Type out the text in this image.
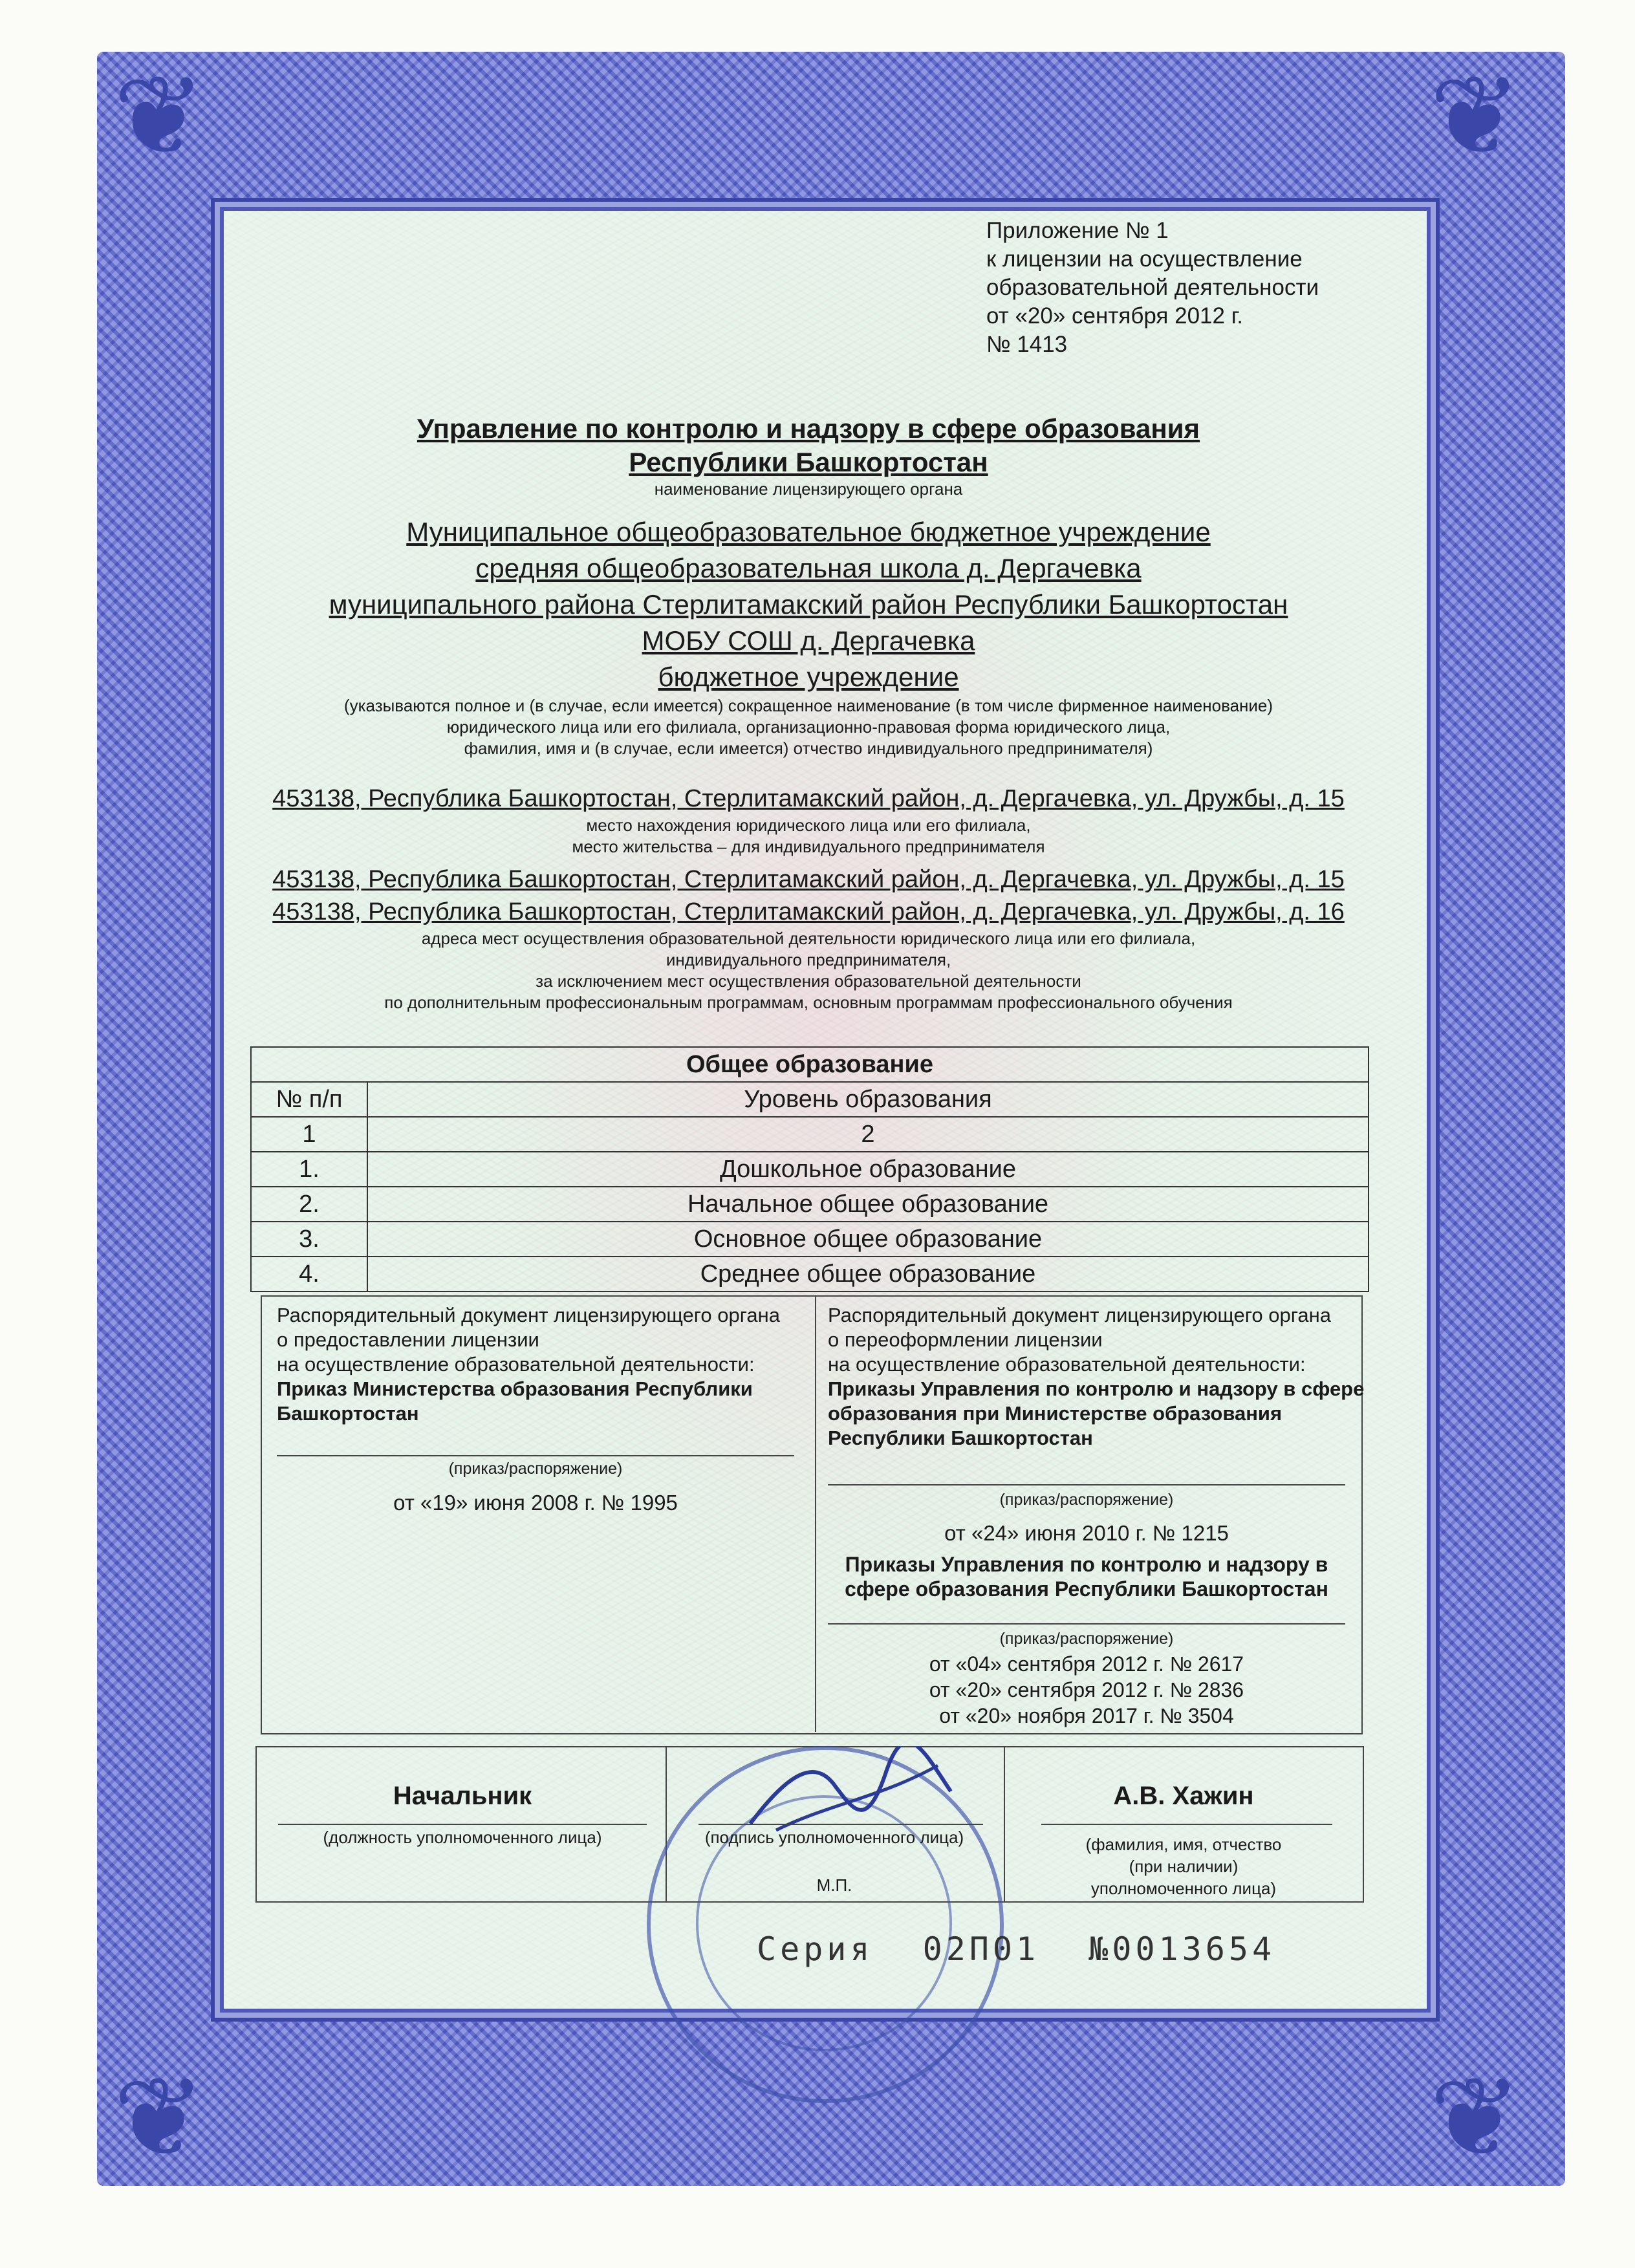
❦	❦
❦	❦
Приложение № 1
к лицензии на осуществление
образовательной деятельности
от «20» сентября 2012 г.
№ 1413
Управление по контролю и надзору в сфере образования
Республики Башкортостан
наименование лицензирующего органа
Муниципальное общеобразовательное бюджетное учреждение
средняя общеобразовательная школа д. Дергачевка
муниципального района Стерлитамакский район Республики Башкортостан
МОБУ СОШ д. Дергачевка
бюджетное учреждение
(указываются полное и (в случае, если имеется) сокращенное наименование (в том числе фирменное наименование)
юридического лица или его филиала, организационно-правовая форма юридического лица,
фамилия, имя и (в случае, если имеется) отчество индивидуального предпринимателя)
453138, Республика Башкортостан, Стерлитамакский район, д. Дергачевка, ул. Дружбы, д. 15
место нахождения юридического лица или его филиала,
место жительства – для индивидуального предпринимателя
453138, Республика Башкортостан, Стерлитамакский район, д. Дергачевка, ул. Дружбы, д. 15
453138, Республика Башкортостан, Стерлитамакский район, д. Дергачевка, ул. Дружбы, д. 16
адреса мест осуществления образовательной деятельности юридического лица или его филиала,
индивидуального предпринимателя,
за исключением мест осуществления образовательной деятельности
по дополнительным профессиональным программам, основным программам профессионального обучения
Общее образование	
№ п/п	Уровень образования
1	2
1.	Дошкольное образование
2.	Начальное общее образование
3.	Основное общее образование
4.	Среднее общее образование
Распорядительный документ лицензирующего органа
о предоставлении лицензии
на осуществление образовательной деятельности:
Приказ Министерства образования Республики
Башкортостан
(приказ/распоряжение)
от «19» июня 2008 г. № 1995
Распорядительный документ лицензирующего органа
о переоформлении лицензии
на осуществление образовательной деятельности:
Приказы Управления по контролю и надзору в сфере
образования при Министерстве образования
Республики Башкортостан
(приказ/распоряжение)
от «24» июня 2010 г. № 1215
Приказы Управления по контролю и надзору в
сфере образования Республики Башкортостан
(приказ/распоряжение)
от «04» сентября 2012 г. № 2617
от «20» сентября 2012 г. № 2836
от «20» ноября 2017 г. № 3504
Начальник
(должность уполномоченного лица)	(подпись уполномоченного лица)
М.П.
А.В. Хажин
(фамилия, имя, отчество
(при наличии)
уполномоченного лица)
Серия 02П01 №0013654
